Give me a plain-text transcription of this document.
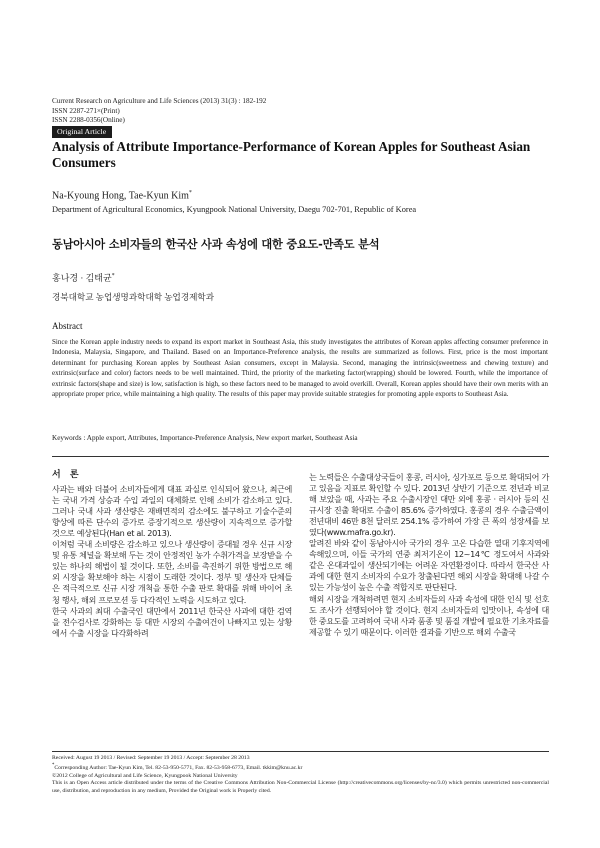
Current Research on Agriculture and Life Sciences (2013) 31(3) : 182-192
ISSN 2287-271×(Print)
ISSN 2288-0356(Online)
Original Article
Analysis of Attribute Importance-Performance of Korean Apples for Southeast Asian Consumers
Na-Kyoung Hong, Tae-Kyun Kim*
Department of Agricultural Economics, Kyungpook National University, Daegu 702-701, Republic of Korea
동남아시아 소비자들의 한국산 사과 속성에 대한 중요도-만족도 분석
홍나경 · 김태균*
경북대학교 농업생명과학대학 농업경제학과
Abstract
Since the Korean apple industry needs to expand its export market in Southeast Asia, this study investigates the attributes of Korean apples affecting consumer preference in Indonesia, Malaysia, Singapore, and Thailand. Based on an Importance-Preference analysis, the results are summarized as follows. First, price is the most important determinant for purchasing Korean apples by Southeast Asian consumers, except in Malaysia. Second, managing the intrinsic(sweetness and chewing texture) and extrinsic(surface and color) factors needs to be well maintained. Third, the priority of the marketing factor(wrapping) should be lowered. Fourth, while the importance of extrinsic factors(shape and size) is low, satisfaction is high, so these factors need to be managed to avoid overkill. Overall, Korean apples should have their own merits with an appropriate proper price, while maintaining a high quality. The results of this paper may provide suitable strategies for promoting apple exports to Southeast Asia.
Keywords : Apple export, Attributes, Importance-Preference Analysis, New export market, Southeast Asia

서 론

사과는 배와 더불어 소비자들에게 대표 과실로 인식되어 왔으나, 최근에는 국내 가격 상승과 수입 과일의 대체화로 인해 소비가 감소하고 있다. 그러나 국내 사과 생산량은 재배면적의 감소에도 불구하고 기술수준의 향상에 따른 단수의 증가로 증장기적으로 생산량이 지속적으로 증가할 것으로 예상된다(Han et al. 2013).

이처럼 국내 소비량은 감소하고 있으나 생산량이 증대될 경우 신규 시장 및 유통 체널을 확보해 두는 것이 안정적인 농가 수취가격을 보장받을 수 있는 하나의 해법이 될 것이다. 또한, 소비를 촉진하기 위한 방법으로 해외 시장을 확보해야 하는 시점이 도래한 것이다. 정부 및 생산자 단체들은 적극적으로 신규 시장 개척을 통한 수출 판로 확대를 위해 바이어 초청 행사, 해외 프로모션 등 다각적인 노력을 시도하고 있다.

한국 사과의 최대 수출국인 대만에서 2011년 한국산 사과에 대한 검역을 전수검사로 강화하는 등 대만 시장의 수출여건이 나빠지고 있는 상황에서 수출 시장을 다각화하려

는 노력들은 수출대상국들이 홍콩, 러시아, 싱가포르 등으로 확대되어 가고 있음을 지표로 확인할 수 있다. 2013년 상반기 기준으로 전년과 비교해 보았을 때, 사과는 주요 수출시장인 대만 외에 홍콩 · 러시아 등의 신규시장 진출 확대로 수출이 85.6% 증가하였다. 홍콩의 경우 수출금액이 전년대비 46만 8천 달러로 254.1% 증가하여 가장 큰 폭의 성장세를 보였다(www.mafra.go.kr).

알려진 바와 같이 동남아시아 국가의 경우 고온 다습한 열대 기후지역에 속해있으며, 이들 국가의 연중 최저기온이 12~14℃ 정도여서 사과와 같은 온대과일이 생산되기에는 어려운 자연환경이다. 따라서 한국산 사과에 대한 현지 소비자의 수요가 창출된다면 해외 시장을 확대해 나갈 수 있는 가능성이 높은 수출 적합지로 판단된다.

해외 시장을 개척하려면 현지 소비자들의 사과 속성에 대한 인식 및 선호도 조사가 선행되어야 할 것이다. 현지 소비자들의 입맛이나, 속성에 대한 중요도를 고려하여 국내 사과 품종 및 품질 개발에 필요한 기초자료를 제공할 수 있기 때문이다. 이러한 결과를 기반으로 해외 수출국

Received: August 19 2013 / Revised: September 19 2013 / Accept: September 28 2013
*Corresponding Author: Tae-Kyun Kim, Tel. 82-53-950-5771, Fax. 82-53-958-6773, Email. tkkim@knu.ac.kr
©2012 College of Agricultural and Life Science, Kyungpook National University
This is an Open Access article distributed under the terms of the Creative Commons Attribution Non-Commercial License (http://creativecommons.org/licenses/by-nc/3.0) which permits unrestricted non-commercial use, distribution, and reproduction in any medium, Provided the Original work is Properly cited.
